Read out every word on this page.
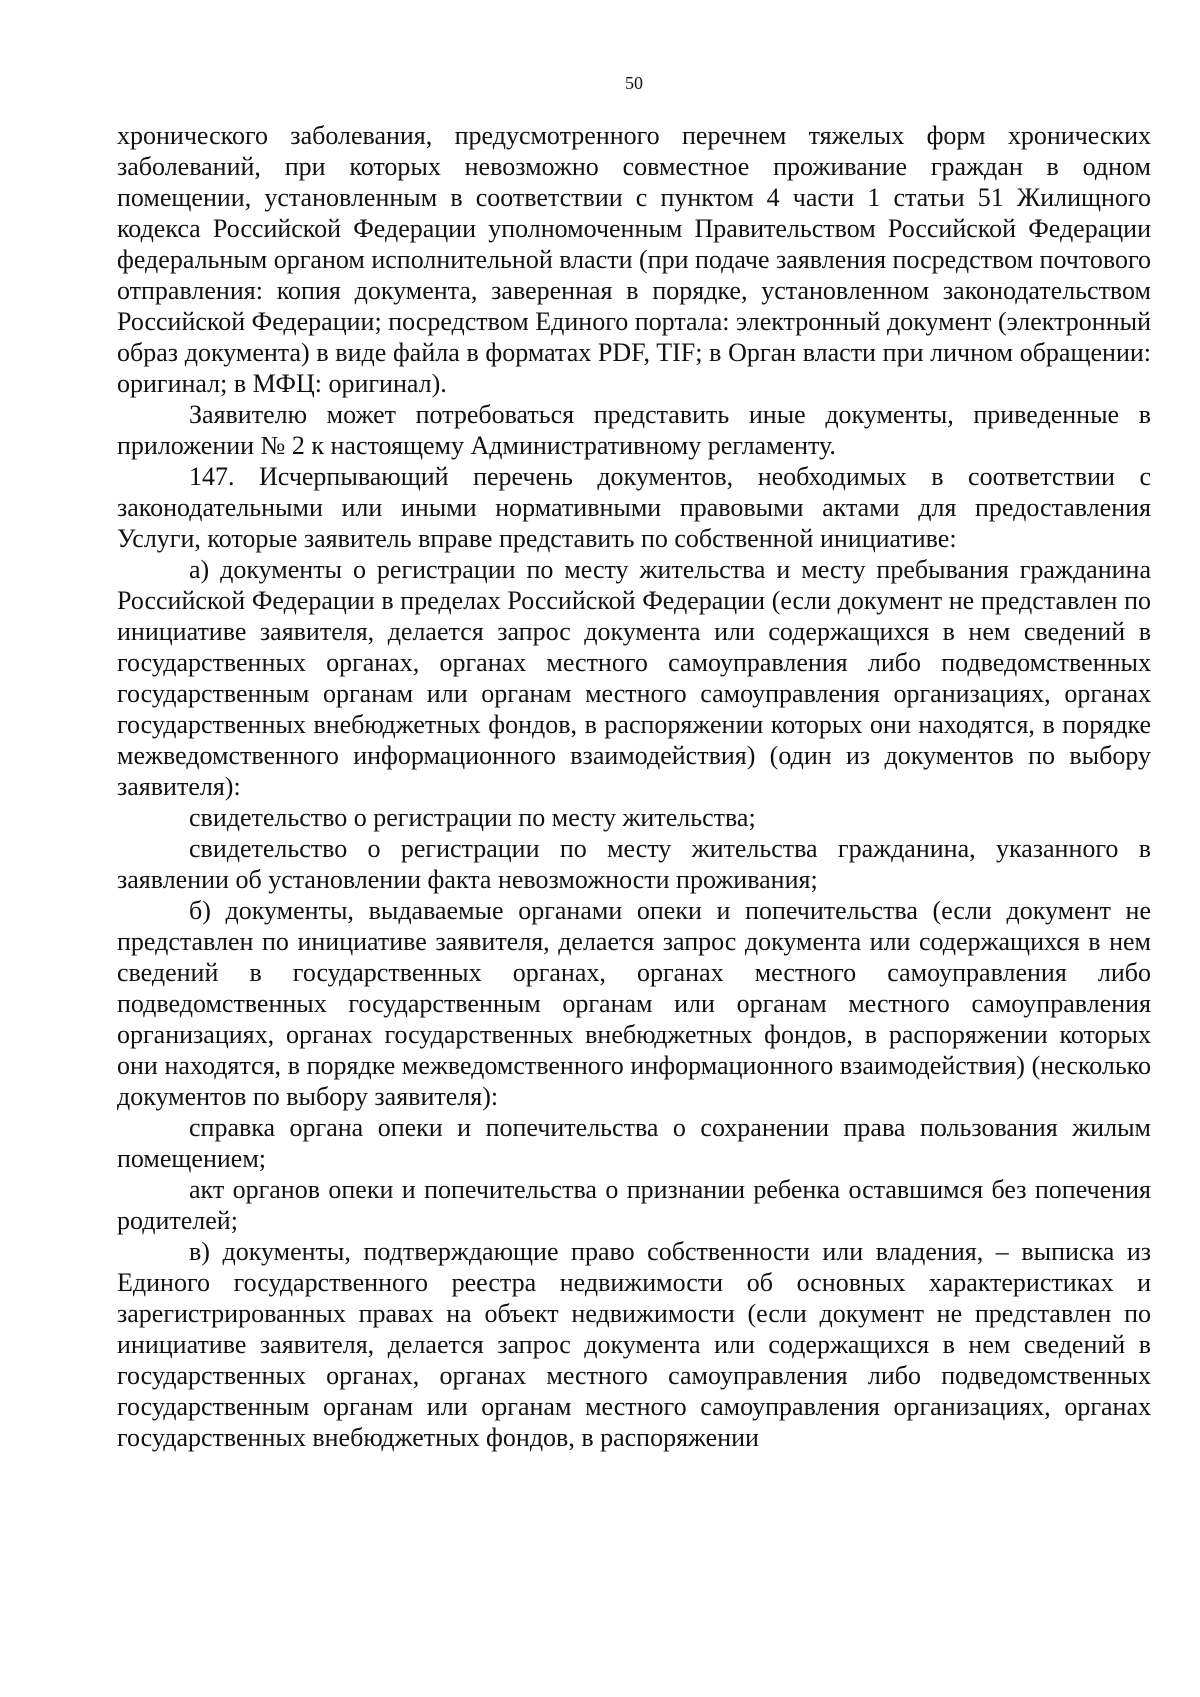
50

хронического заболевания, предусмотренного перечнем тяжелых форм хронических заболеваний, при которых невозможно совместное проживание граждан в одном помещении, установленным в соответствии с пунктом 4 части 1 статьи 51 Жилищного кодекса Российской Федерации уполномоченным Правительством Российской Федерации федеральным органом исполнительной власти (при подаче заявления посредством почтового отправления: копия документа, заверенная в порядке, установленном законодательством Российской Федерации; посредством Единого портала: электронный документ (электронный образ документа) в виде файла в форматах PDF, TIF; в Орган власти при личном обращении: оригинал; в МФЦ: оригинал).

Заявителю может потребоваться представить иные документы, приведенные в приложении № 2 к настоящему Административному регламенту.

147. Исчерпывающий перечень документов, необходимых в соответствии с законодательными или иными нормативными правовыми актами для предоставления Услуги, которые заявитель вправе представить по собственной инициативе:

а) документы о регистрации по месту жительства и месту пребывания гражданина Российской Федерации в пределах Российской Федерации (если документ не представлен по инициативе заявителя, делается запрос документа или содержащихся в нем сведений в государственных органах, органах местного самоуправления либо подведомственных государственным органам или органам местного самоуправления организациях, органах государственных внебюджетных фондов, в распоряжении которых они находятся, в порядке межведомственного информационного взаимодействия) (один из документов по выбору заявителя):

свидетельство о регистрации по месту жительства;

свидетельство о регистрации по месту жительства гражданина, указанного в заявлении об установлении факта невозможности проживания;

б) документы, выдаваемые органами опеки и попечительства (если документ не представлен по инициативе заявителя, делается запрос документа или содержащихся в нем сведений в государственных органах, органах местного самоуправления либо подведомственных государственным органам или органам местного самоуправления организациях, органах государственных внебюджетных фондов, в распоряжении которых они находятся, в порядке межведомственного информационного взаимодействия) (несколько документов по выбору заявителя):

справка органа опеки и попечительства о сохранении права пользования жилым помещением;

акт органов опеки и попечительства о признании ребенка оставшимся без попечения родителей;

в) документы, подтверждающие право собственности или владения, – выписка из Единого государственного реестра недвижимости об основных характеристиках и зарегистрированных правах на объект недвижимости (если документ не представлен по инициативе заявителя, делается запрос документа или содержащихся в нем сведений в государственных органах, органах местного самоуправления либо подведомственных государственным органам или органам местного самоуправления организациях, органах государственных внебюджетных фондов, в распоряжении
